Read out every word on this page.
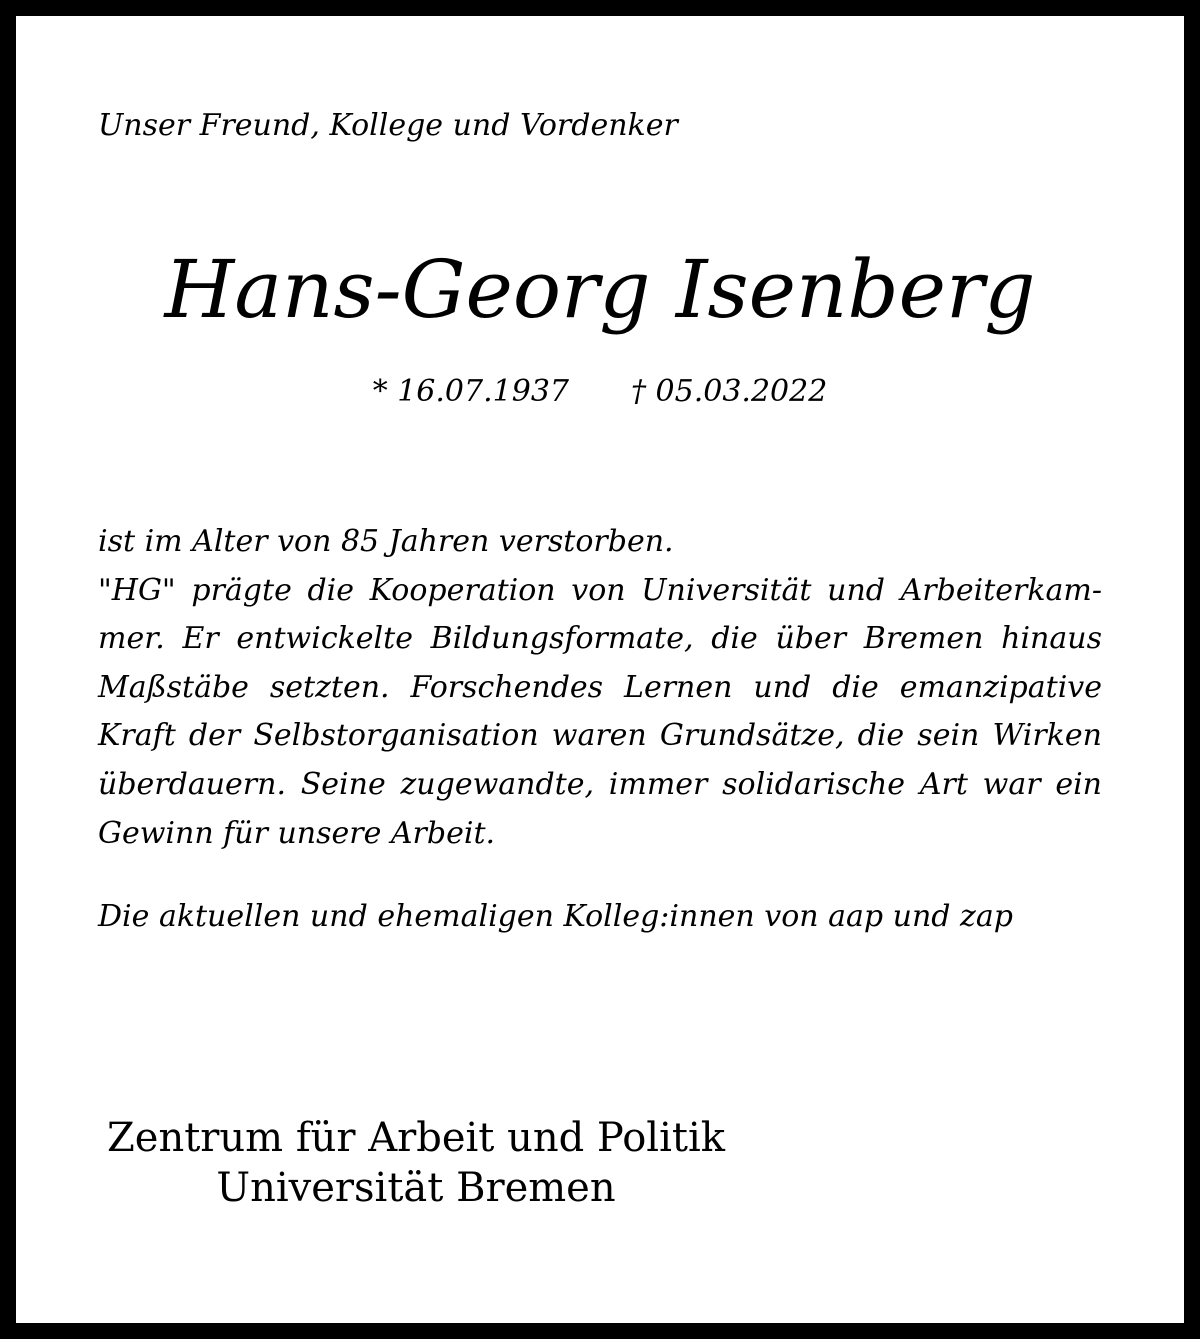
Unser Freund, Kollege und Vordenker
Hans-Georg Isenberg
* 16.07.1937 † 05.03.2022

ist im Alter von 85 Jahren verstorben.
"HG" prägte die Kooperation von Universität und Arbeiterkam-
mer. Er entwickelte Bildungsformate, die über Bremen hinaus
Maßstäbe setzten. Forschendes Lernen und die emanzipative
Kraft der Selbstorganisation waren Grundsätze, die sein Wirken
überdauern. Seine zugewandte, immer solidarische Art war ein
Gewinn für unsere Arbeit.

Die aktuellen und ehemaligen Kolleg:innen von aap und zap
Zentrum für Arbeit und Politik
Universität Bremen
